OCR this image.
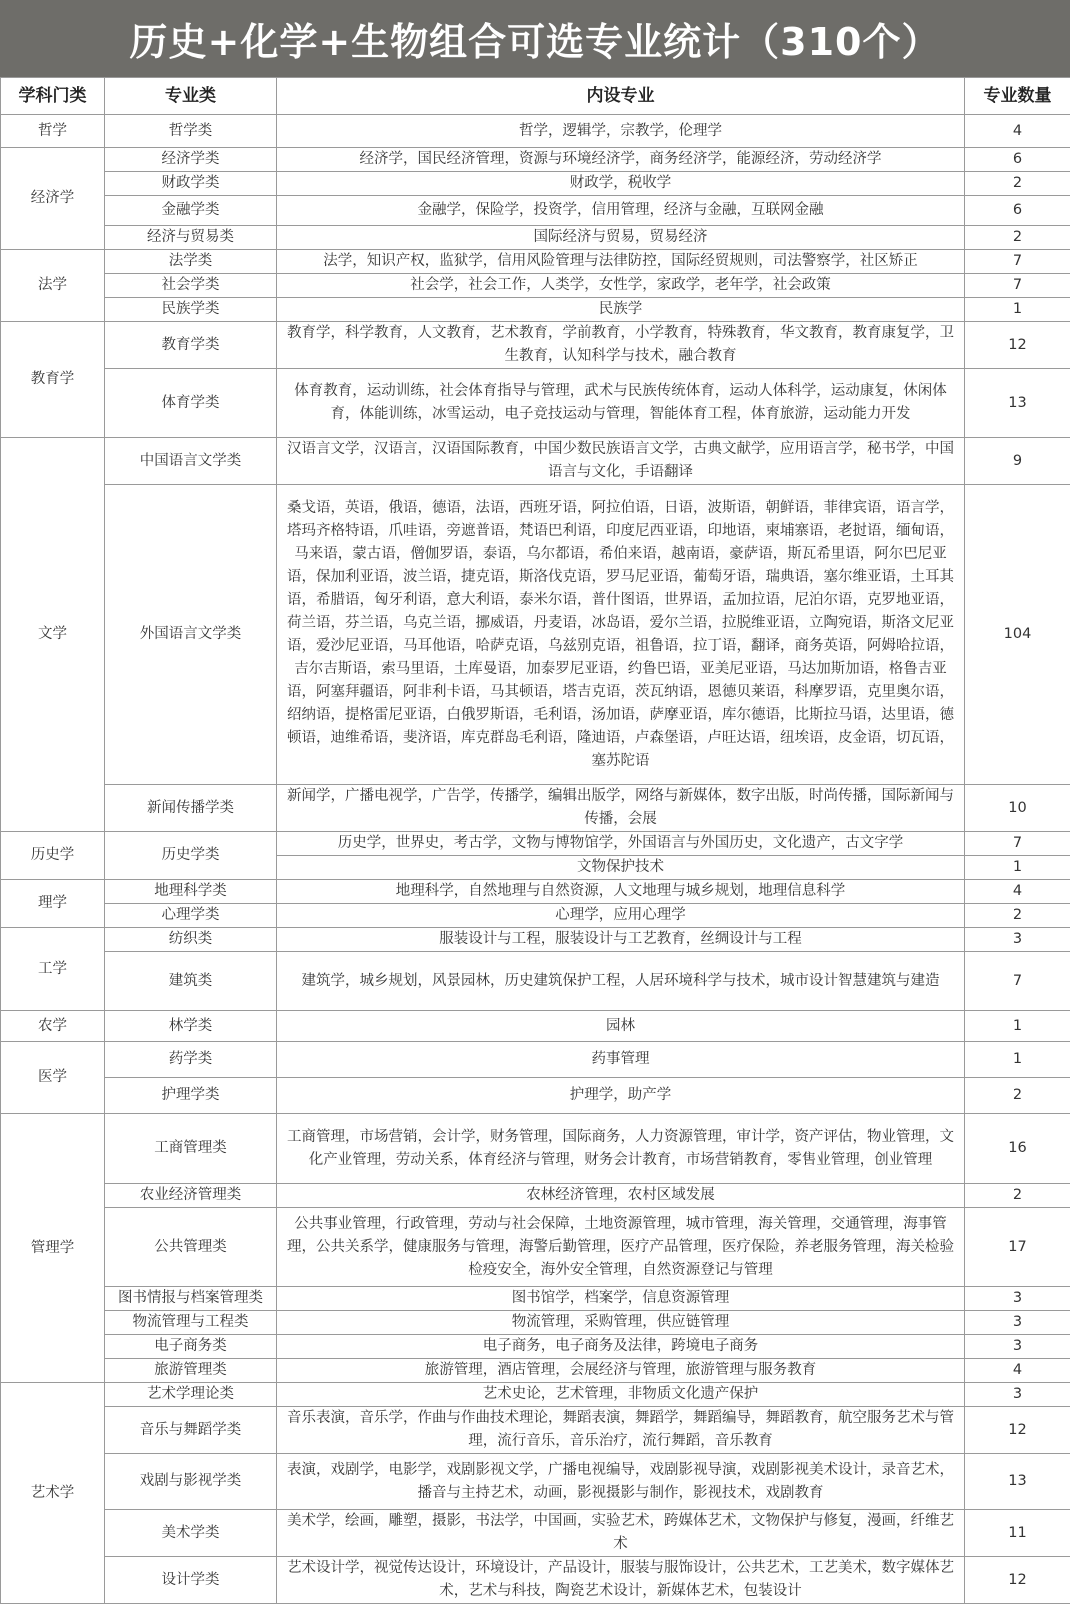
历史+化学+生物组合可选专业统计（310个）
学科门类	专业类	内设专业	专业数量
哲学	哲学类	哲学，逻辑学，宗教学，伦理学	4
经济学	经济学类	经济学，国民经济管理，资源与环境经济学，商务经济学，能源经济，劳动经济学	6
	财政学类	财政学，税收学	2
	金融学类	金融学，保险学，投资学，信用管理，经济与金融，互联网金融	6
	经济与贸易类	国际经济与贸易，贸易经济	2
法学	法学类	法学，知识产权，监狱学，信用风险管理与法律防控，国际经贸规则，司法警察学，社区矫正	7
	社会学类	社会学，社会工作，人类学，女性学，家政学，老年学，社会政策	7
	民族学类	民族学	1
教育学	教育学类	教育学，科学教育，人文教育，艺术教育，学前教育，小学教育，特殊教育，华文教育，教育康复学，卫生教育，认知科学与技术，融合教育	12
	体育学类	体育教育，运动训练，社会体育指导与管理，武术与民族传统体育，运动人体科学，运动康复，休闲体育，体能训练，冰雪运动，电子竞技运动与管理，智能体育工程，体育旅游，运动能力开发	13
文学	中国语言文学类	汉语言文学，汉语言，汉语国际教育，中国少数民族语言文学，古典文献学，应用语言学，秘书学，中国语言与文化，手语翻译	9
	外国语言文学类	桑戈语，英语，俄语，德语，法语，西班牙语，阿拉伯语，日语，波斯语，朝鲜语，菲律宾语，语言学，塔玛齐格特语，爪哇语，旁遮普语，梵语巴利语，印度尼西亚语，印地语，柬埔寨语，老挝语，缅甸语，马来语，蒙古语，僧伽罗语，泰语，乌尔都语，希伯来语，越南语，豪萨语，斯瓦希里语，阿尔巴尼亚语，保加利亚语，波兰语，捷克语，斯洛伐克语，罗马尼亚语，葡萄牙语，瑞典语，塞尔维亚语，土耳其语，希腊语，匈牙利语，意大利语，泰米尔语，普什图语，世界语，孟加拉语，尼泊尔语，克罗地亚语，荷兰语，芬兰语，乌克兰语，挪威语，丹麦语，冰岛语，爱尔兰语，拉脱维亚语，立陶宛语，斯洛文尼亚语，爱沙尼亚语，马耳他语，哈萨克语，乌兹别克语，祖鲁语，拉丁语，翻译，商务英语，阿姆哈拉语，吉尔吉斯语，索马里语，土库曼语，加泰罗尼亚语，约鲁巴语，亚美尼亚语，马达加斯加语，格鲁吉亚语，阿塞拜疆语，阿非利卡语，马其顿语，塔吉克语，茨瓦纳语，恩德贝莱语，科摩罗语，克里奥尔语，绍纳语，提格雷尼亚语，白俄罗斯语，毛利语，汤加语，萨摩亚语，库尔德语，比斯拉马语，达里语，德顿语，迪维希语，斐济语，库克群岛毛利语，隆迪语，卢森堡语，卢旺达语，纽埃语，皮金语，切瓦语，塞苏陀语	104
	新闻传播学类	新闻学，广播电视学，广告学，传播学，编辑出版学，网络与新媒体，数字出版，时尚传播，国际新闻与传播，会展	10
历史学	历史学类	历史学，世界史，考古学，文物与博物馆学，外国语言与外国历史，文化遗产，古文字学	7
		文物保护技术	1
理学	地理科学类	地理科学，自然地理与自然资源，人文地理与城乡规划，地理信息科学	4
	心理学类	心理学，应用心理学	2
工学	纺织类	服装设计与工程，服装设计与工艺教育，丝绸设计与工程	3
	建筑类	建筑学，城乡规划，风景园林，历史建筑保护工程，人居环境科学与技术，城市设计智慧建筑与建造	7
农学	林学类	园林	1
医学	药学类	药事管理	1
	护理学类	护理学，助产学	2
管理学	工商管理类	工商管理，市场营销，会计学，财务管理，国际商务，人力资源管理，审计学，资产评估，物业管理，文化产业管理，劳动关系，体育经济与管理，财务会计教育，市场营销教育，零售业管理，创业管理	16
	农业经济管理类	农林经济管理，农村区域发展	2
	公共管理类	公共事业管理，行政管理，劳动与社会保障，土地资源管理，城市管理，海关管理，交通管理，海事管理，公共关系学，健康服务与管理，海警后勤管理，医疗产品管理，医疗保险，养老服务管理，海关检验检疫安全，海外安全管理，自然资源登记与管理	17
	图书情报与档案管理类	图书馆学，档案学，信息资源管理	3
	物流管理与工程类	物流管理，采购管理，供应链管理	3
	电子商务类	电子商务，电子商务及法律，跨境电子商务	3
	旅游管理类	旅游管理，酒店管理，会展经济与管理，旅游管理与服务教育	4
艺术学	艺术学理论类	艺术史论，艺术管理，非物质文化遗产保护	3
	音乐与舞蹈学类	音乐表演，音乐学，作曲与作曲技术理论，舞蹈表演，舞蹈学，舞蹈编导，舞蹈教育，航空服务艺术与管理，流行音乐，音乐治疗，流行舞蹈，音乐教育	12
	戏剧与影视学类	表演，戏剧学，电影学，戏剧影视文学，广播电视编导，戏剧影视导演，戏剧影视美术设计，录音艺术，播音与主持艺术，动画，影视摄影与制作，影视技术，戏剧教育	13
	美术学类	美术学，绘画，雕塑，摄影，书法学，中国画，实验艺术，跨媒体艺术，文物保护与修复，漫画，纤维艺术	11
	设计学类	艺术设计学，视觉传达设计，环境设计，产品设计，服装与服饰设计，公共艺术，工艺美术，数字媒体艺术，艺术与科技，陶瓷艺术设计，新媒体艺术，包装设计	12
